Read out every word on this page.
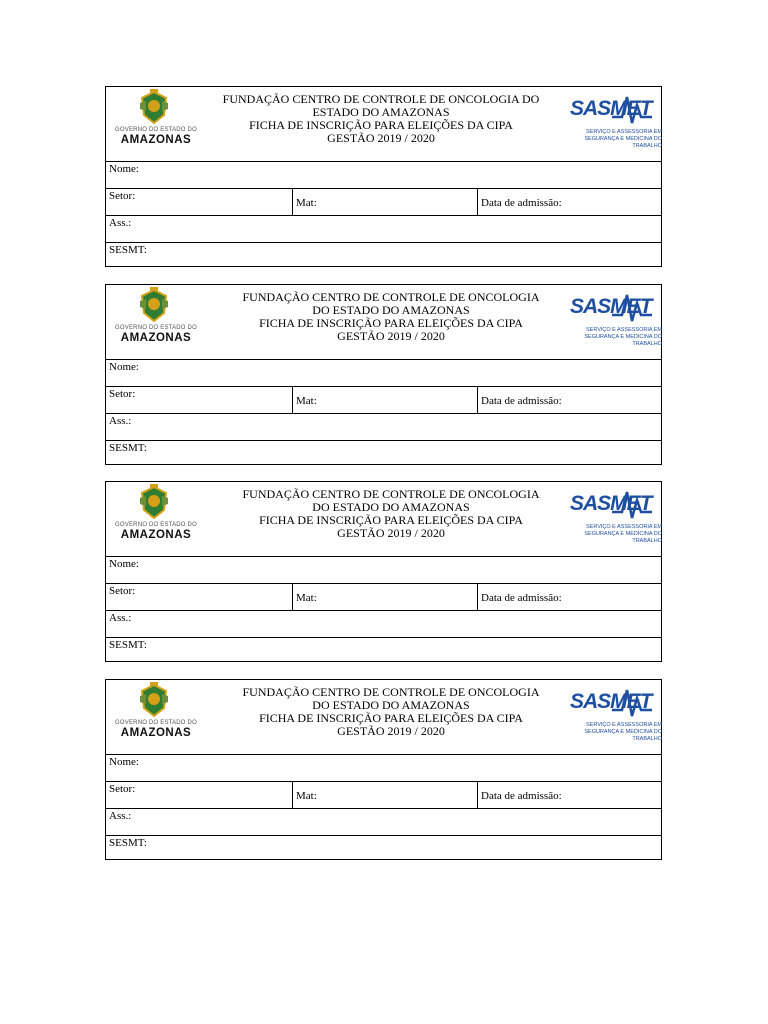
GOVERNO DO ESTADO DO
AMAZONAS
FUNDAÇÃO CENTRO DE CONTROLE DE ONCOLOGIA DO
ESTADO DO AMAZONAS
FICHA DE INSCRIÇÃO PARA ELEIÇÕES DA CIPA
GESTÃO 2019 / 2020
SASMET
SERVIÇO E ASSESSORIA EM
SEGURANÇA E MEDICINA DO TRABALHO
Nome:
Setor:
Mat:	Data de admissão:
Ass.:
SESMT:
GOVERNO DO ESTADO DO
AMAZONAS
FUNDAÇÃO CENTRO DE CONTROLE DE ONCOLOGIA
DO ESTADO DO AMAZONAS
FICHA DE INSCRIÇÃO PARA ELEIÇÕES DA CIPA
GESTÃO 2019 / 2020
SASMET
SERVIÇO E ASSESSORIA EM
SEGURANÇA E MEDICINA DO TRABALHO
Nome:
Setor:
Mat:	Data de admissão:
Ass.:
SESMT:
GOVERNO DO ESTADO DO
AMAZONAS
FUNDAÇÃO CENTRO DE CONTROLE DE ONCOLOGIA
DO ESTADO DO AMAZONAS
FICHA DE INSCRIÇÃO PARA ELEIÇÕES DA CIPA
GESTÃO 2019 / 2020
SASMET
SERVIÇO E ASSESSORIA EM
SEGURANÇA E MEDICINA DO TRABALHO
Nome:
Setor:
Mat:	Data de admissão:
Ass.:
SESMT:
GOVERNO DO ESTADO DO
AMAZONAS
FUNDAÇÃO CENTRO DE CONTROLE DE ONCOLOGIA
DO ESTADO DO AMAZONAS
FICHA DE INSCRIÇÃO PARA ELEIÇÕES DA CIPA
GESTÃO 2019 / 2020
SASMET
SERVIÇO E ASSESSORIA EM
SEGURANÇA E MEDICINA DO TRABALHO
Nome:
Setor:
Mat:	Data de admissão:
Ass.:
SESMT:
